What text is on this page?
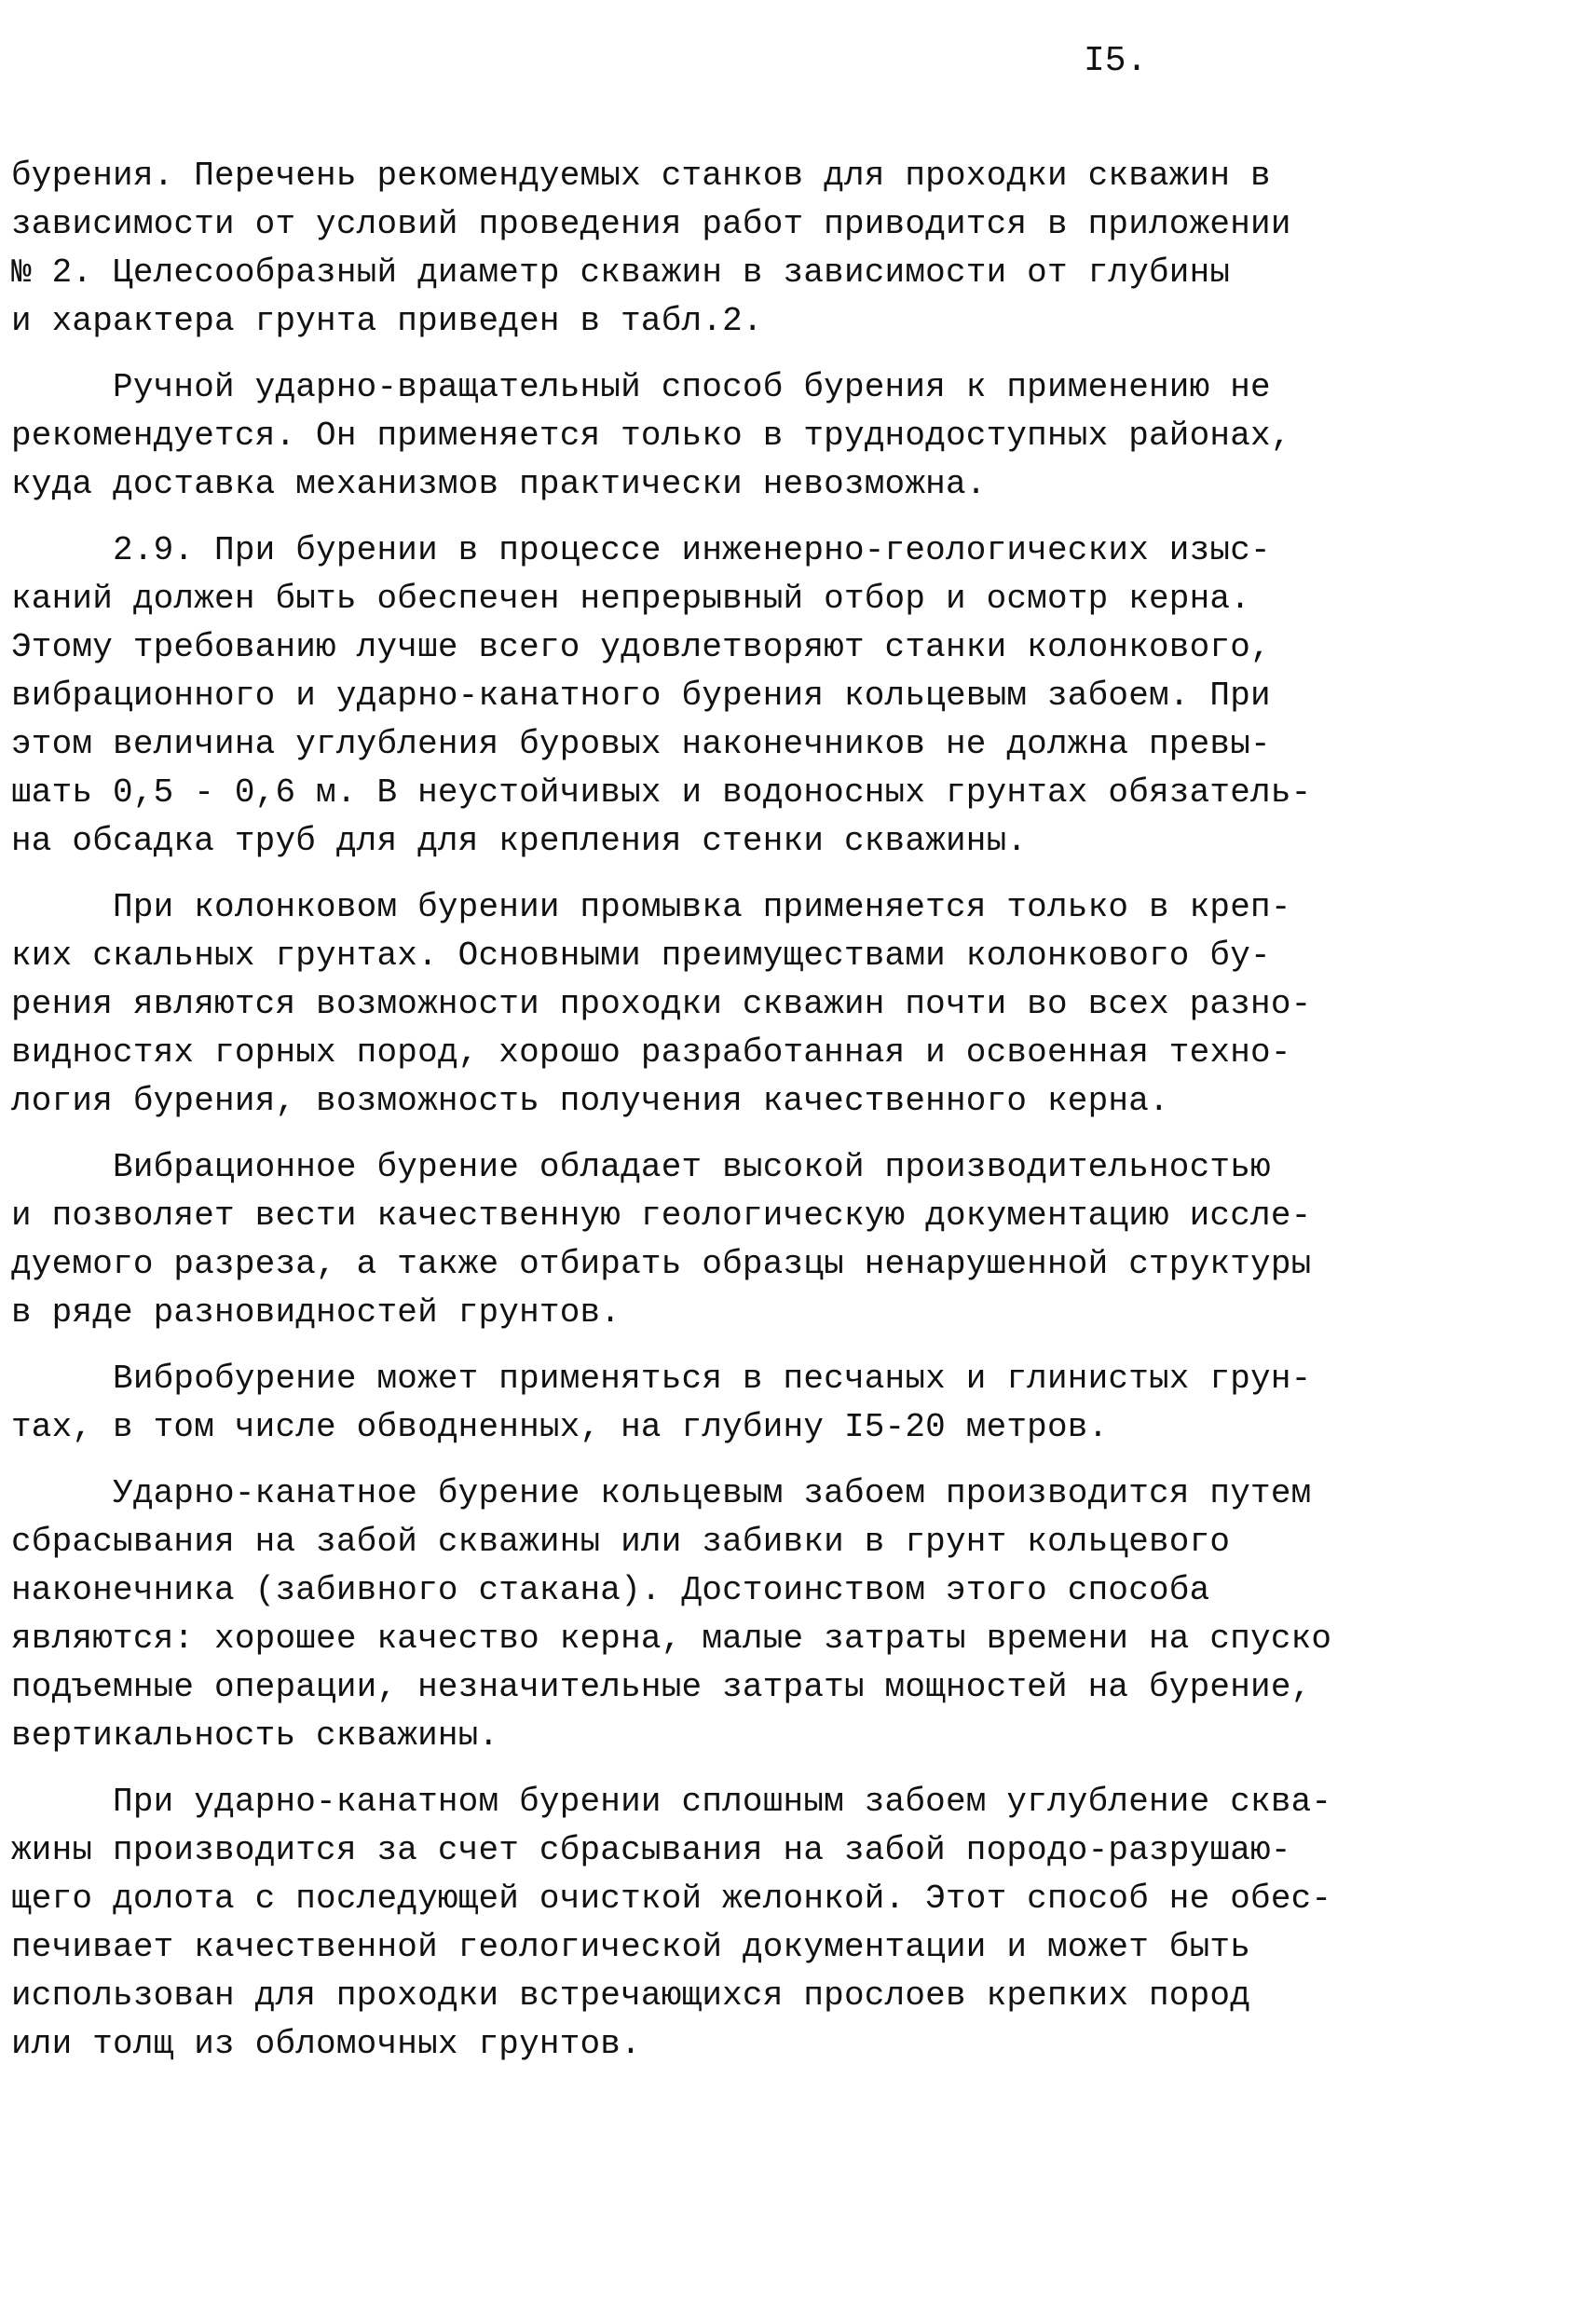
I5.
бурения. Перечень рекомендуемых станков для проходки скважин в
зависимости от условий проведения работ приводится в приложении
№ 2. Целесообразный диаметр скважин в зависимости от глубины
и характера грунта приведен в табл.2.
Ручной ударно-вращательный способ бурения к применению не
рекомендуется. Он применяется только в труднодоступных районах,
куда доставка механизмов практически невозможна.
2.9. При бурении в процессе инженерно-геологических изыс-
каний должен быть обеспечен непрерывный отбор и осмотр керна.
Этому требованию лучше всего удовлетворяют станки колонкового,
вибрационного и ударно-канатного бурения кольцевым забоем. При
этом величина углубления буровых наконечников не должна превы-
шать 0,5 - 0,6 м. В неустойчивых и водоносных грунтах обязатель-
на обсадка труб для для крепления стенки скважины.
При колонковом бурении промывка применяется только в креп-
ких скальных грунтах. Основными преимуществами колонкового бу-
рения являются возможности проходки скважин почти во всех разно-
видностях горных пород, хорошо разработанная и освоенная техно-
логия бурения, возможность получения качественного керна.
Вибрационное бурение обладает высокой производительностью
и позволяет вести качественную геологическую документацию иссле-
дуемого разреза, а также отбирать образцы ненарушенной структуры
в ряде разновидностей грунтов.
Вибробурение может применяться в песчаных и глинистых грун-
тах, в том числе обводненных, на глубину I5-20 метров.
Ударно-канатное бурение кольцевым забоем производится путем
сбрасывания на забой скважины или забивки в грунт кольцевого
наконечника (забивного стакана). Достоинством этого способа
являются: хорошее качество керна, малые затраты времени на спуско
подъемные операции, незначительные затраты мощностей на бурение,
вертикальность скважины.
При ударно-канатном бурении сплошным забоем углубление сква-
жины производится за счет сбрасывания на забой породо-разрушаю-
щего долота с последующей очисткой желонкой. Этот способ не обес-
печивает качественной геологической документации и может быть
использован для проходки встречающихся прослоев крепких пород
или толщ из обломочных грунтов.
